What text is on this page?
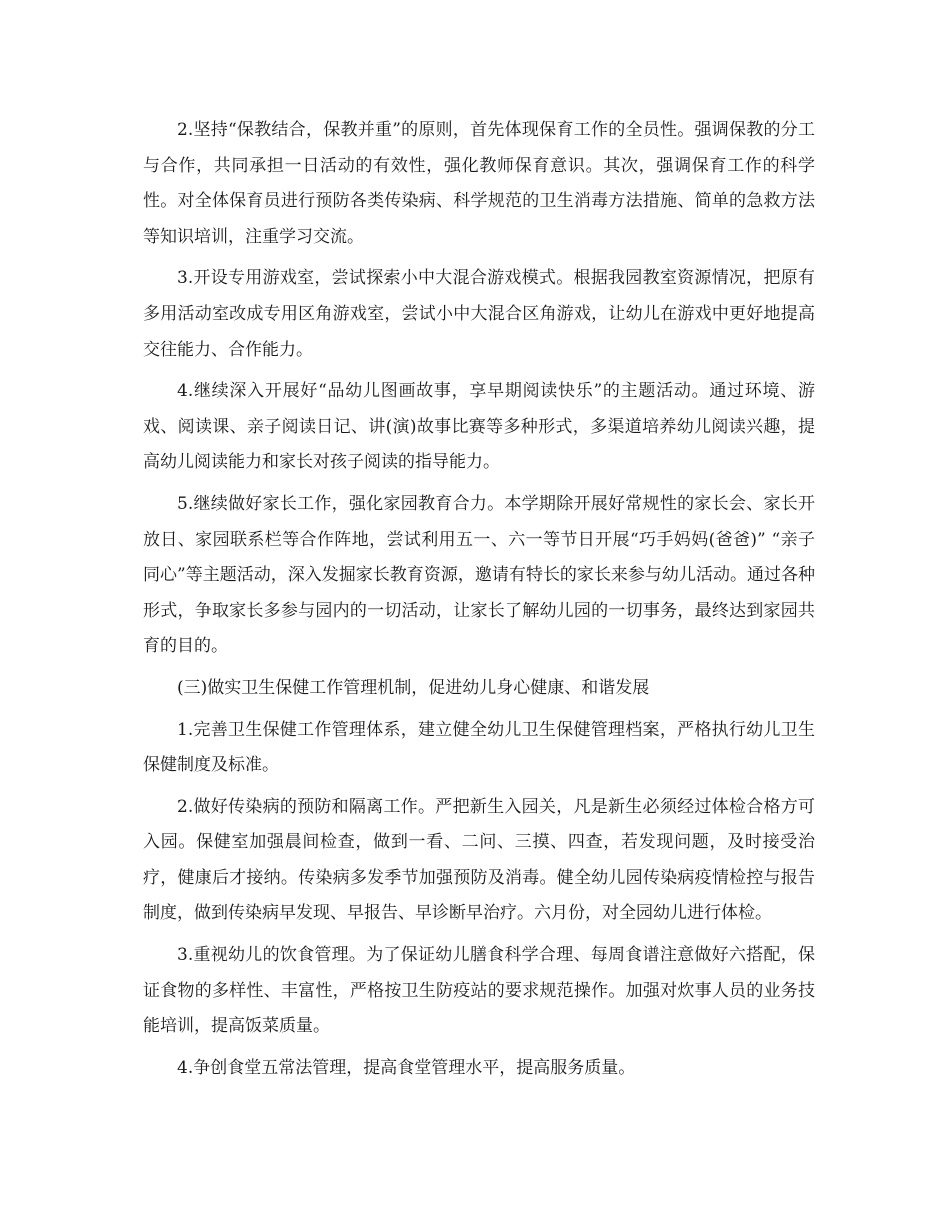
2.坚持“保教结合，保教并重”的原则，首先体现保育工作的全员性。强调保教的分工与合作，共同承担一日活动的有效性，强化教师保育意识。其次，强调保育工作的科学性。对全体保育员进行预防各类传染病、科学规范的卫生消毒方法措施、简单的急救方法等知识培训，注重学习交流。

3.开设专用游戏室，尝试探索小中大混合游戏模式。根据我园教室资源情况，把原有多用活动室改成专用区角游戏室，尝试小中大混合区角游戏，让幼儿在游戏中更好地提高交往能力、合作能力。

4.继续深入开展好“品幼儿图画故事，享早期阅读快乐”的主题活动。通过环境、游戏、阅读课、亲子阅读日记、讲(演)故事比赛等多种形式，多渠道培养幼儿阅读兴趣，提高幼儿阅读能力和家长对孩子阅读的指导能力。

5.继续做好家长工作，强化家园教育合力。本学期除开展好常规性的家长会、家长开放日、家园联系栏等合作阵地，尝试利用五一、六一等节日开展“巧手妈妈(爸爸)” “亲子同心”等主题活动，深入发掘家长教育资源，邀请有特长的家长来参与幼儿活动。通过各种形式，争取家长多参与园内的一切活动，让家长了解幼儿园的一切事务，最终达到家园共育的目的。

(三)做实卫生保健工作管理机制，促进幼儿身心健康、和谐发展

1.完善卫生保健工作管理体系，建立健全幼儿卫生保健管理档案，严格执行幼儿卫生保健制度及标准。

2.做好传染病的预防和隔离工作。严把新生入园关，凡是新生必须经过体检合格方可入园。保健室加强晨间检查，做到一看、二问、三摸、四查，若发现问题，及时接受治疗，健康后才接纳。传染病多发季节加强预防及消毒。健全幼儿园传染病疫情检控与报告制度，做到传染病早发现、早报告、早诊断早治疗。六月份，对全园幼儿进行体检。

3.重视幼儿的饮食管理。为了保证幼儿膳食科学合理、每周食谱注意做好六搭配，保证食物的多样性、丰富性，严格按卫生防疫站的要求规范操作。加强对炊事人员的业务技能培训，提高饭菜质量。

4.争创食堂五常法管理，提高食堂管理水平，提高服务质量。
